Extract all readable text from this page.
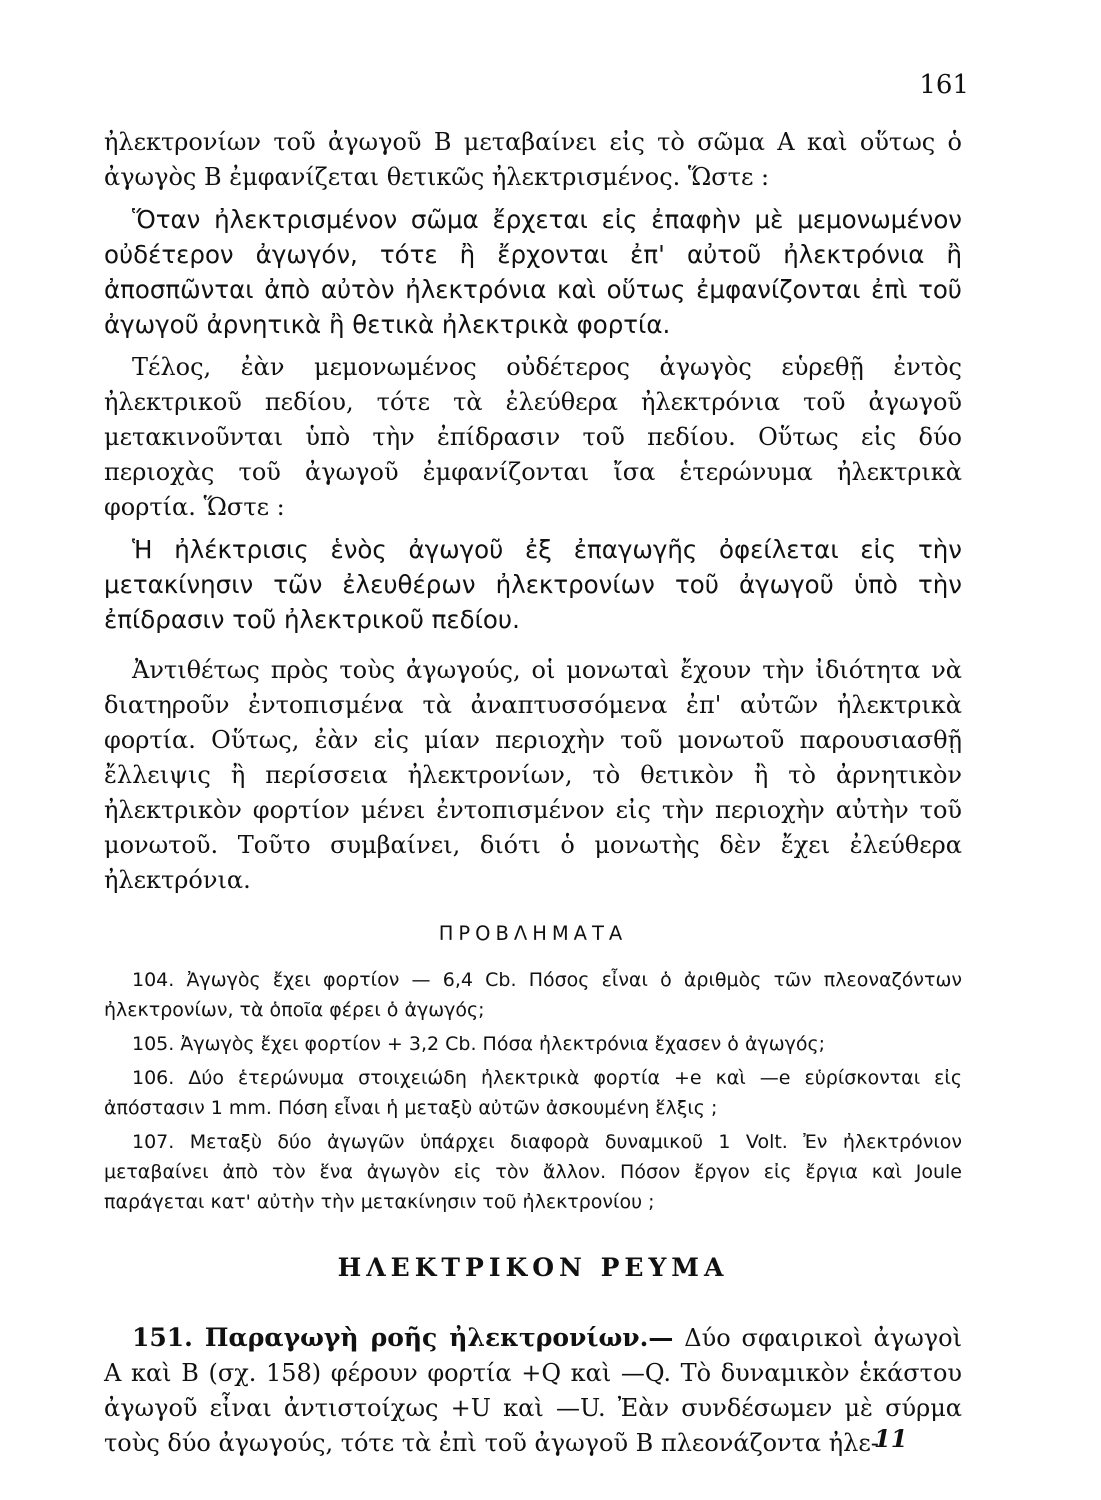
161

ἠλεκτρονίων τοῦ ἀγωγοῦ Β μεταβαίνει εἰς τὸ σῶμα Α καὶ οὕτως ὁ ἀγωγὸς Β ἐμφανίζεται θετικῶς ἠλεκτρισμένος. Ὥστε :

Ὅταν ἠλεκτρισμένον σῶμα ἔρχεται εἰς ἐπαφὴν μὲ μεμονωμένον οὐδέτερον ἀγωγόν, τότε ἢ ἔρχονται ἐπ' αὐτοῦ ἠλεκτρόνια ἢ ἀποσπῶνται ἀπὸ αὐτὸν ἠλεκτρόνια καὶ οὕτως ἐμφανίζονται ἐπὶ τοῦ ἀγωγοῦ ἀρνητικὰ ἢ θετικὰ ἠλεκτρικὰ φορτία.

Τέλος, ἐὰν μεμονωμένος οὐδέτερος ἀγωγὸς εὑρεθῇ ἐντὸς ἠλεκτρικοῦ πεδίου, τότε τὰ ἐλεύθερα ἠλεκτρόνια τοῦ ἀγωγοῦ μετακινοῦνται ὑπὸ τὴν ἐπίδρασιν τοῦ πεδίου. Οὕτως εἰς δύο περιοχὰς τοῦ ἀγωγοῦ ἐμφανίζονται ἴσα ἑτερώνυμα ἠλεκτρικὰ φορτία. Ὥστε :

Ἡ ἠλέκτρισις ἑνὸς ἀγωγοῦ ἐξ ἐπαγωγῆς ὀφείλεται εἰς τὴν μετακίνησιν τῶν ἐλευθέρων ἠλεκτρονίων τοῦ ἀγωγοῦ ὑπὸ τὴν ἐπίδρασιν τοῦ ἠλεκτρικοῦ πεδίου.

Ἀντιθέτως πρὸς τοὺς ἀγωγούς, οἱ μονωταὶ ἔχουν τὴν ἰδιότητα νὰ διατηροῦν ἐντοπισμένα τὰ ἀναπτυσσόμενα ἐπ' αὐτῶν ἠλεκτρικὰ φορτία. Οὕτως, ἐὰν εἰς μίαν περιοχὴν τοῦ μονωτοῦ παρουσιασθῇ ἔλλειψις ἢ περίσσεια ἠλεκτρονίων, τὸ θετικὸν ἢ τὸ ἀρνητικὸν ἠλεκτρικὸν φορτίον μένει ἐντοπισμένον εἰς τὴν περιοχὴν αὐτὴν τοῦ μονωτοῦ. Τοῦτο συμβαίνει, διότι ὁ μονωτὴς δὲν ἔχει ἐλεύθερα ἠλεκτρόνια.

ΠΡΟΒΛΗΜΑΤΑ

104. Ἀγωγὸς ἔχει φορτίον — 6,4 Cb. Πόσος εἶναι ὁ ἀριθμὸς τῶν πλεοναζόντων ἠλεκτρονίων, τὰ ὁποῖα φέρει ὁ ἀγωγός;

105. Ἀγωγὸς ἔχει φορτίον + 3,2 Cb. Πόσα ἠλεκτρόνια ἔχασεν ὁ ἀγωγός;

106. Δύο ἑτερώνυμα στοιχειώδη ἠλεκτρικὰ φορτία +e καὶ —e εὑρίσκονται εἰς ἀπόστασιν 1 mm. Πόση εἶναι ἡ μεταξὺ αὐτῶν ἀσκουμένη ἕλξις ;

107. Μεταξὺ δύο ἀγωγῶν ὑπάρχει διαφορὰ δυναμικοῦ 1 Volt. Ἐν ἠλεκτρόνιον μεταβαίνει ἀπὸ τὸν ἕνα ἀγωγὸν εἰς τὸν ἄλλον. Πόσον ἔργον εἰς ἔργια καὶ Joule παράγεται κατ' αὐτὴν τὴν μετακίνησιν τοῦ ἠλεκτρονίου ;

ΗΛΕΚΤΡΙΚΟΝ ΡΕΥΜΑ

151. Παραγωγὴ ροῆς ἠλεκτρονίων.— Δύο σφαιρικοὶ ἀγωγοὶ Α καὶ Β (σχ. 158) φέρουν φορτία +Q καὶ —Q. Τὸ δυναμικὸν ἑκάστου ἀγωγοῦ εἶναι ἀντιστοίχως +U καὶ —U. Ἐὰν συνδέσωμεν μὲ σύρμα τοὺς δύο ἀγωγούς, τότε τὰ ἐπὶ τοῦ ἀγωγοῦ Β πλεονάζοντα ἠλε-

11
